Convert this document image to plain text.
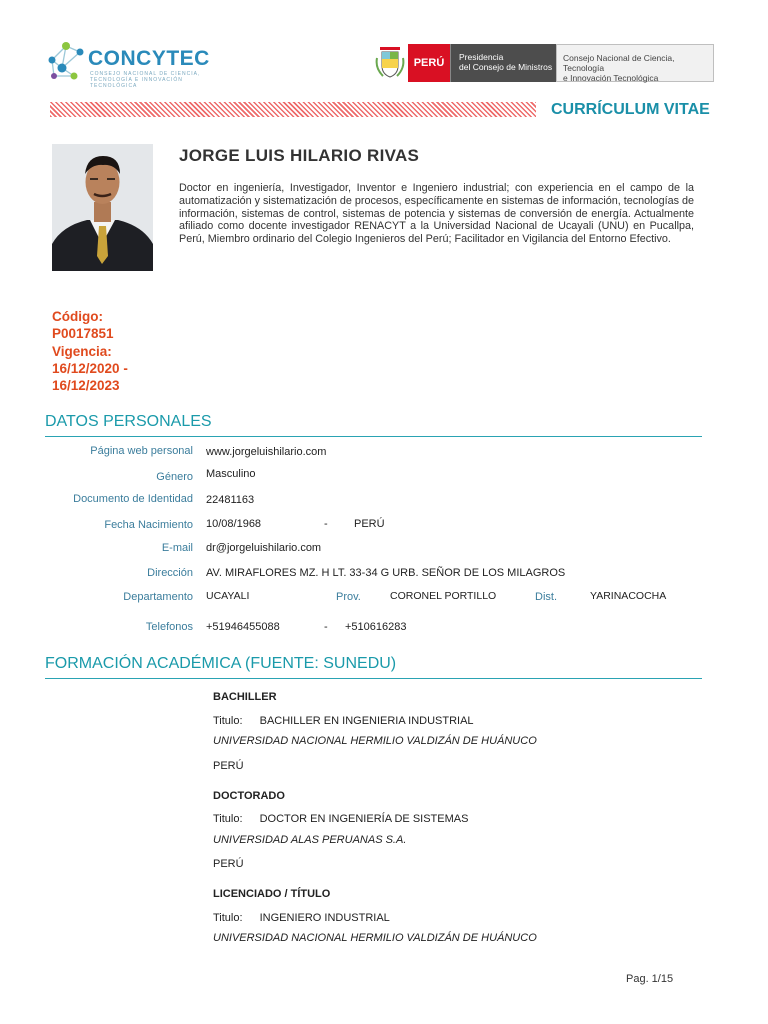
CONCYTEC
CONSEJO NACIONAL DE CIENCIA, TECNOLOGÍA E INNOVACIÓN TECNOLÓGICA
PERÚ	Presidencia
del Consejo de Ministros
Consejo Nacional de Ciencia, Tecnología
e Innovación Tecnológica
CURRÍCULUM VITAE
JORGE LUIS HILARIO RIVAS
Doctor en ingeniería, Investigador, Inventor e Ingeniero industrial; con experiencia en el campo de la automatización y sistematización de procesos, específicamente en sistemas de información, tecnologías de información, sistemas de control, sistemas de potencia y sistemas de conversión de energía. Actualmente afiliado como docente investigador RENACYT a la Universidad Nacional de Ucayali (UNU) en Pucallpa, Perú, Miembro ordinario del Colegio Ingenieros del Perú; Facilitador en Vigilancia del Entorno Efectivo.
Código:
P0017851
Vigencia:
16/12/2020 -
16/12/2023
DATOS PERSONALES
Página web personal www.jorgeluishilario.com
Género Masculino
Documento de Identidad 22481163
Fecha Nacimiento 10/08/1968	- PERÚ
E-mail dr@jorgeluishilario.com
Dirección AV. MIRAFLORES MZ. H LT. 33-34 G URB. SEÑOR DE LOS MILAGROS
Departamento UCAYALI	Prov.	CORONEL PORTILLO	Dist.	YARINACOCHA
Telefonos +51946455088	- +510616283
FORMACIÓN ACADÉMICA (FUENTE: SUNEDU)
BACHILLER
Titulo: BACHILLER EN INGENIERIA INDUSTRIAL
UNIVERSIDAD NACIONAL HERMILIO VALDIZÁN DE HUÁNUCO
PERÚ
DOCTORADO
Titulo: DOCTOR EN INGENIERÍA DE SISTEMAS
UNIVERSIDAD ALAS PERUANAS S.A.
PERÚ
LICENCIADO / TÍTULO
Titulo: INGENIERO INDUSTRIAL
UNIVERSIDAD NACIONAL HERMILIO VALDIZÁN DE HUÁNUCO
Pag. 1/15
